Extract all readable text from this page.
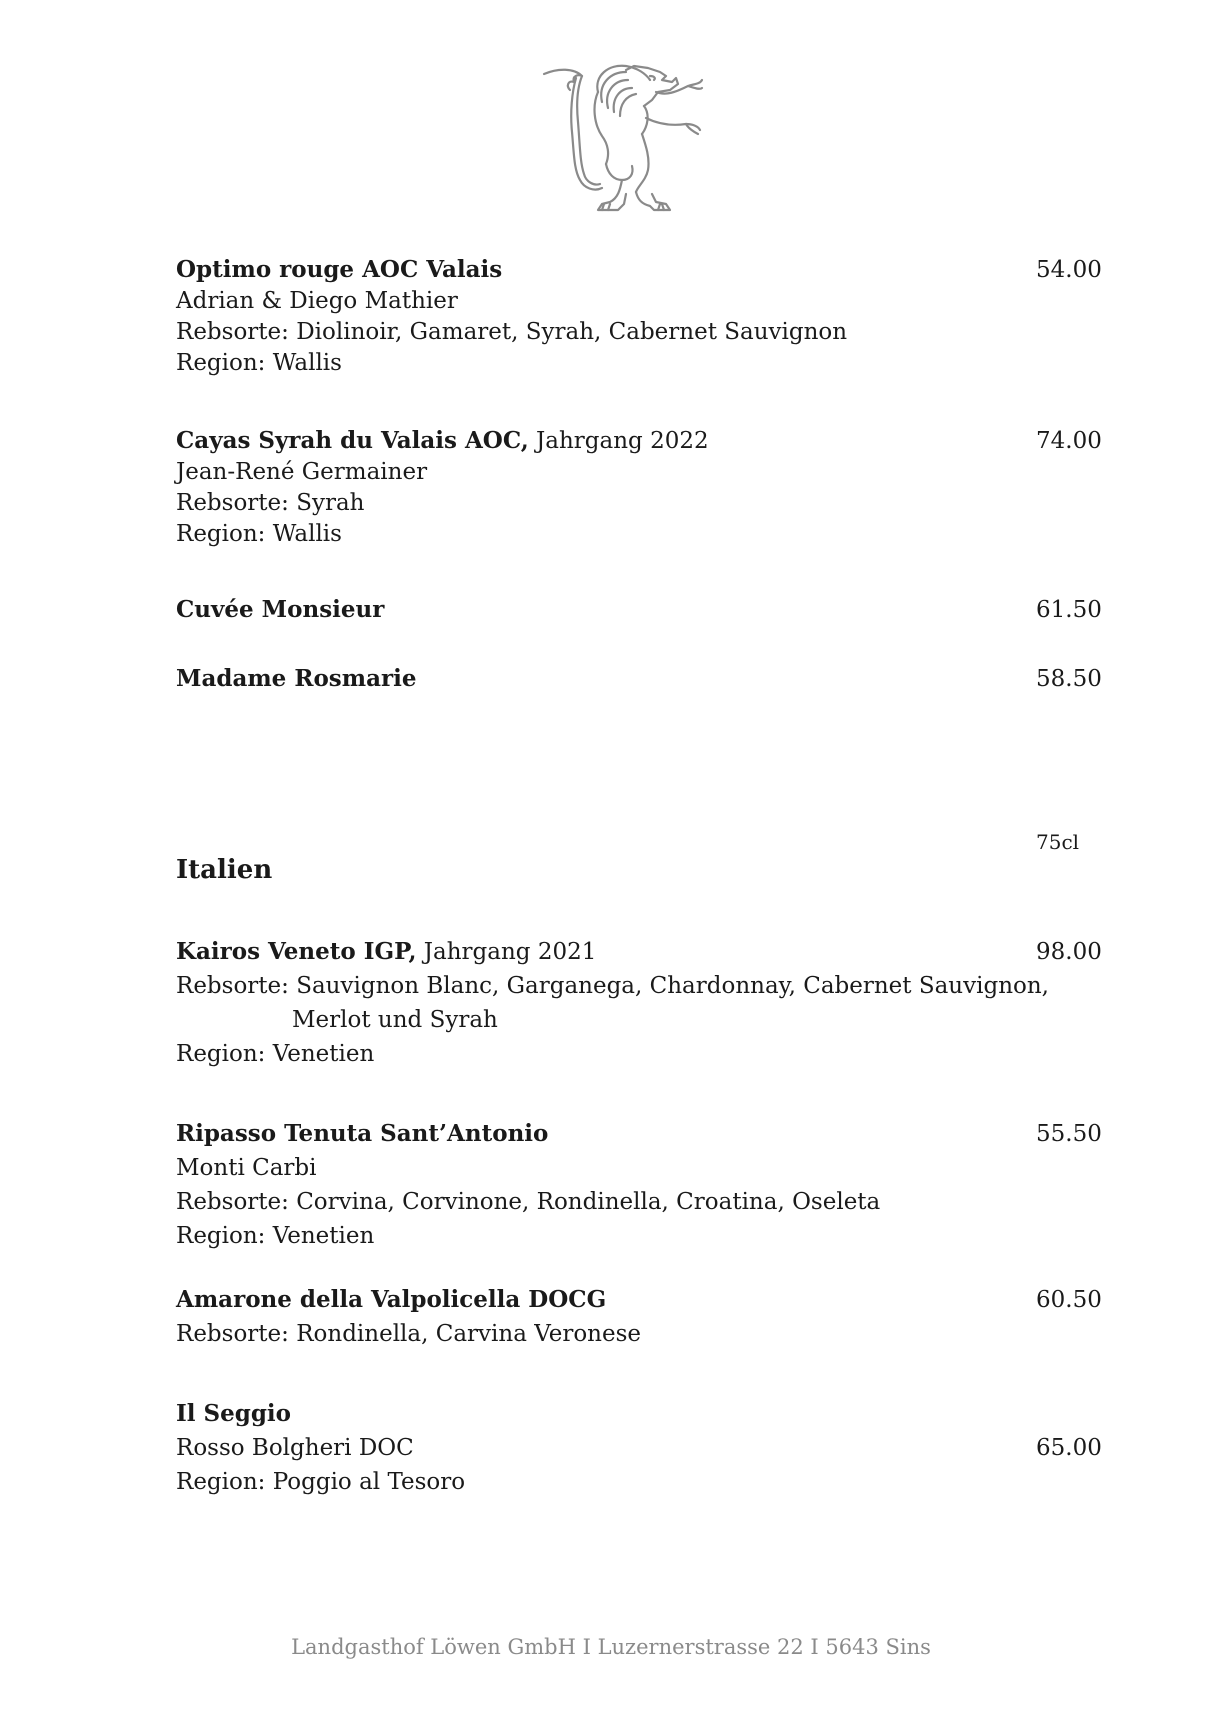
Optimo rouge AOC Valais	54.00
Adrian & Diego Mathier
Rebsorte: Diolinoir, Gamaret, Syrah, Cabernet Sauvignon
Region: Wallis
Cayas Syrah du Valais AOC, Jahrgang 2022	74.00
Jean-René Germainer
Rebsorte: Syrah
Region: Wallis
Cuvée Monsieur	61.50
Madame Rosmarie	58.50
75cl
Italien
Kairos Veneto IGP, Jahrgang 2021	98.00
Rebsorte: Sauvignon Blanc, Garganega, Chardonnay, Cabernet Sauvignon,
Merlot und Syrah
Region: Venetien
Ripasso Tenuta Sant’Antonio	55.50
Monti Carbi
Rebsorte: Corvina, Corvinone, Rondinella, Croatina, Oseleta
Region: Venetien
Amarone della Valpolicella DOCG	60.50
Rebsorte: Rondinella, Carvina Veronese
Il Seggio
Rosso Bolgheri DOC	65.00
Region: Poggio al Tesoro
Landgasthof Löwen GmbH I Luzernerstrasse 22 I 5643 Sins
